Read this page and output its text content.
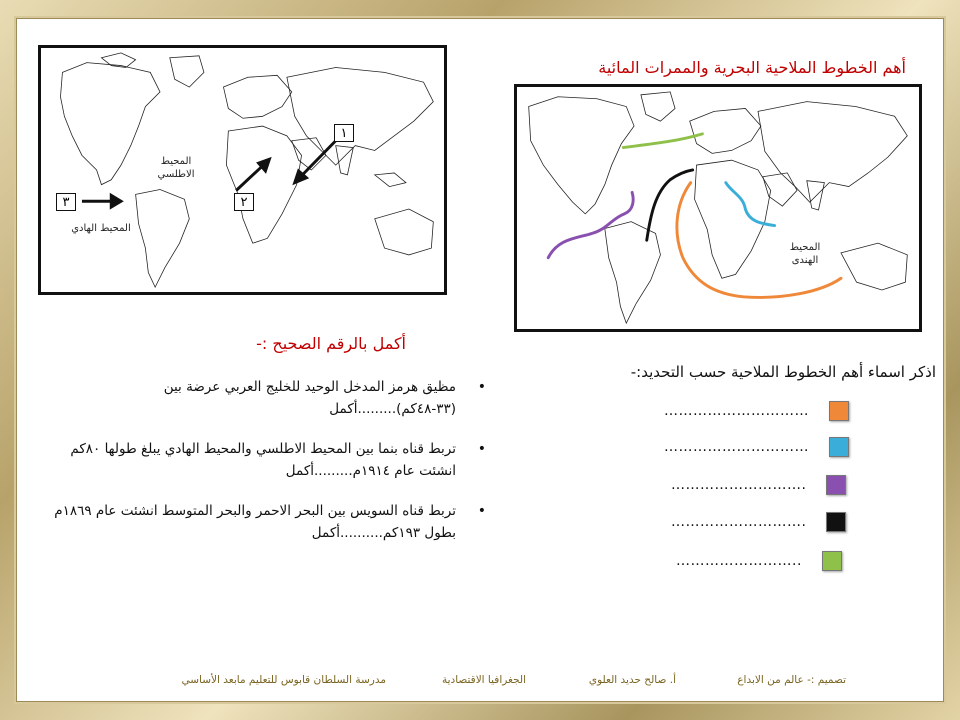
المحيط الاطلسي
المحيط الهادي
١
٢
٣
أهم الخطوط الملاحية البحرية والممرات المائية
المحيط الهندى
أكمل بالرقم الصحيح :-
•
مظيق هرمز المدخل الوحيد للخليج العربي عرضة بين (٣٣-٤٨كم).........أكمل
•
تربط قناه بنما بين المحيط الاطلسي والمحيط الهادي يبلغ طولها ٨٠كم انشئت عام ١٩١٤م.........أكمل
•
تربط قناه السويس بين البحر الاحمر والبحر المتوسط انشئت عام ١٨٦٩م بطول ١٩٣كم..........أكمل
اذكر اسماء أهم الخطوط الملاحية حسب التحديد:-
…………………………
…………………………
……………………….
……………………….
……………………..
تصميم :- عالم من الابداع
أ. صالح حديد العلوي
الجغرافيا الاقتصادية
مدرسة السلطان قابوس للتعليم مابعد الأساسي
